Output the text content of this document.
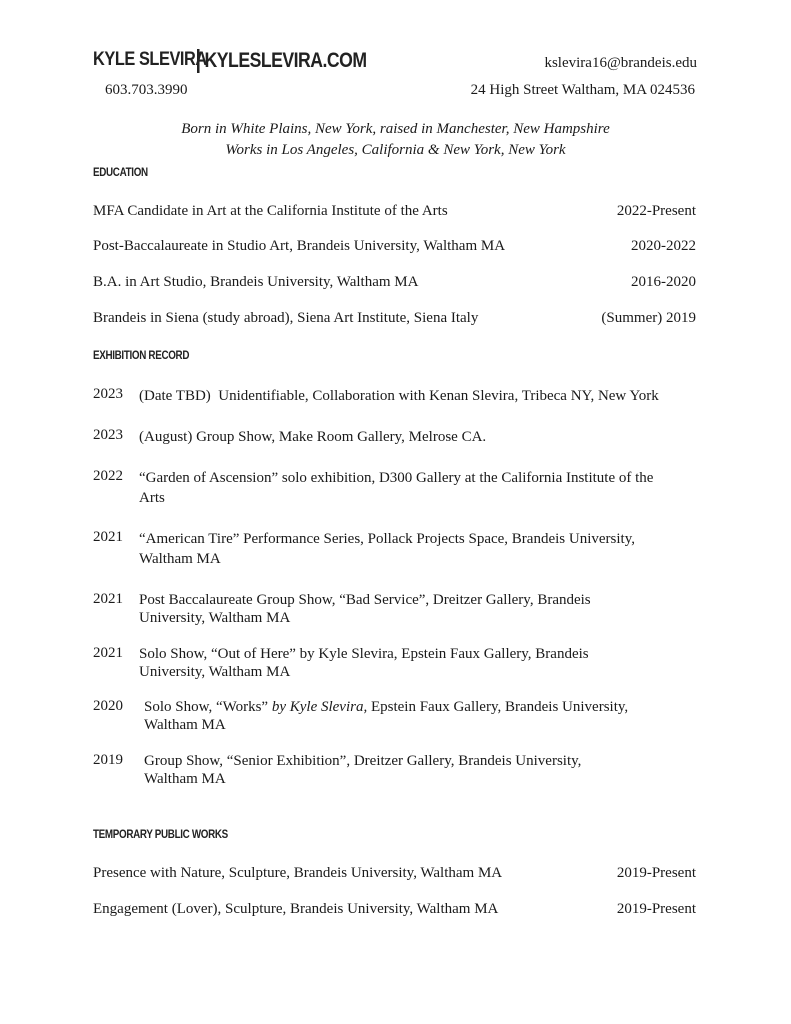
KYLE SLEVIRA
KYLESLEVIRA.COM	kslevira16@brandeis.edu
603.703.3990	24 High Street Waltham, MA 024536
Born in White Plains, New York, raised in Manchester, New Hampshire
Works in Los Angeles, California & New York, New York
EDUCATION
MFA Candidate in Art at the California Institute of the Arts	2022-Present
Post-Baccalaureate in Studio Art, Brandeis University, Waltham MA	2020-2022
B.A. in Art Studio, Brandeis University, Waltham MA	2016-2020
Brandeis in Siena (study abroad), Siena Art Institute, Siena Italy	(Summer) 2019
EXHIBITION RECORD
2023 (Date TBD)  Unidentifiable, Collaboration with Kenan Slevira, Tribeca NY, New York
2023 (August) Group Show, Make Room Gallery, Melrose CA.
2022 “Garden of Ascension” solo exhibition, D300 Gallery at the California Institute of the
Arts
2021 “American Tire” Performance Series, Pollack Projects Space, Brandeis University,
Waltham MA
2021 Post Baccalaureate Group Show, “Bad Service”, Dreitzer Gallery, Brandeis
University, Waltham MA
2021 Solo Show, “Out of Here” by Kyle Slevira, Epstein Faux Gallery, Brandeis
University, Waltham MA
2020 Solo Show, “Works” by Kyle Slevira, Epstein Faux Gallery, Brandeis University,
Waltham MA
2019 Group Show, “Senior Exhibition”, Dreitzer Gallery, Brandeis University,
Waltham MA
TEMPORARY PUBLIC WORKS
Presence with Nature, Sculpture, Brandeis University, Waltham MA	2019-Present
Engagement (Lover), Sculpture, Brandeis University, Waltham MA	2019-Present
